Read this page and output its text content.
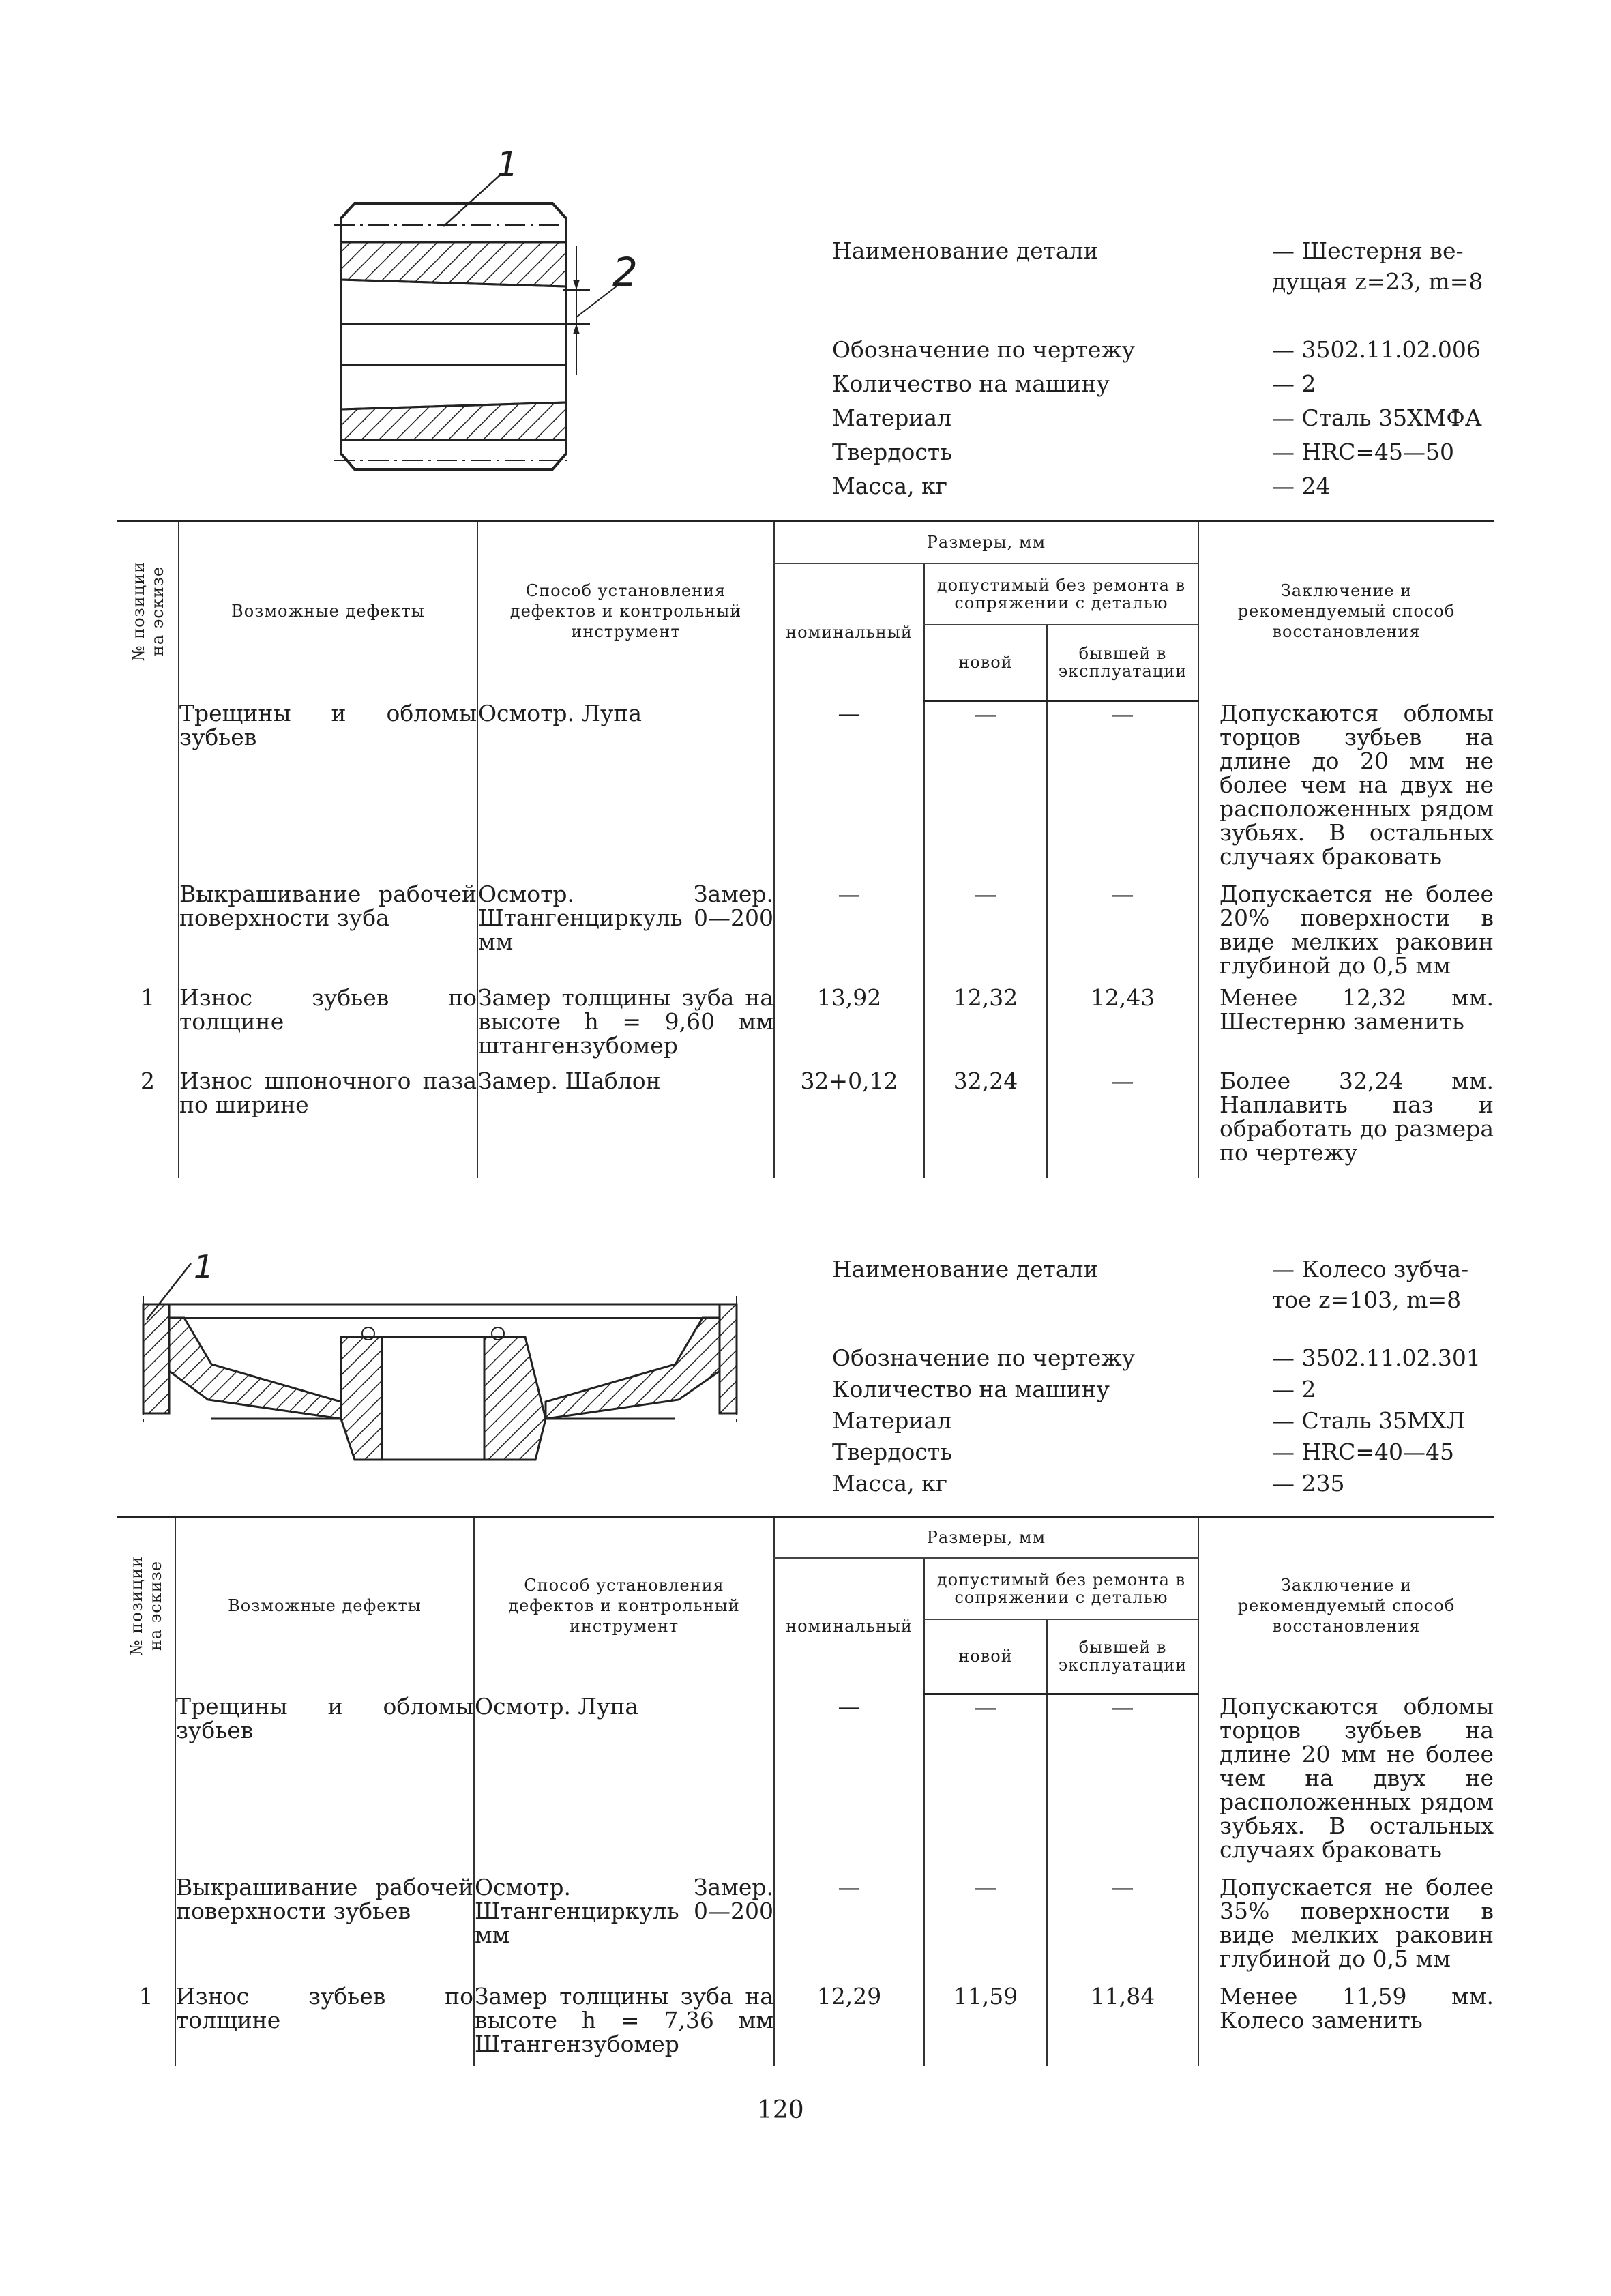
1
2	Наименование детали	— Шестерня ве-  дущая z=23, m=8
Обозначение по чертежу	— 3502.11.02.006
Количество на машину	— 2
Материал	— Сталь 35ХМФА
Твердость	— HRC=45—50
Масса, кг	— 24
№ позиции на эскизе	Возможные дефекты	Способ установления дефектов и контрольный инструмент	Размеры, мм			Заключение и рекомендуемый способ восстановления
			номинальный	допустимый без ремонта в сопряжении с деталью		
				новой	бывшей в эксплуатации	
	Трещины и обломы зубьев	Осмотр. Лупа	—	—	—	Допускаются обломы торцов зубьев на длине до 20 мм не более чем на двух не расположенных рядом зубьях. В остальных случаях браковать
	Выкрашивание рабочей поверхности зуба	Осмотр. Замер. Штангенциркуль 0—200 мм	—	—	—	Допускается не более 20% поверхности в виде мелких раковин глубиной до 0,5 мм
1	Износ зубьев по толщине	Замер толщины зуба на высоте h = 9,60 мм штангензубомер	13,92	12,32	12,43	Менее 12,32 мм. Шестерню заменить
2	Износ шпоночного паза по ширине	Замер. Шаблон	32+0,12	32,24	—	Более 32,24 мм. Наплавить паз и обработать до размера по чертежу
1	Наименование детали	— Колесо зубча-  тое z=103, m=8
Обозначение по чертежу	— 3502.11.02.301
Количество на машину	— 2
Материал	— Сталь 35МХЛ
Твердость	— HRC=40—45
Масса, кг	— 235
№ позиции на эскизе	Возможные дефекты	Способ установления дефектов и контрольный инструмент	Размеры, мм			Заключение и рекомендуемый способ восстановления
			номинальный	допустимый без ремонта в сопряжении с деталью		
				новой	бывшей в эксплуатации	
	Трещины и обломы зубьев	Осмотр. Лупа	—	—	—	Допускаются обломы торцов зубьев на длине 20 мм не более чем на двух не расположенных рядом зубьях. В остальных случаях браковать
	Выкрашивание рабочей поверхности зубьев	Осмотр. Замер. Штангенциркуль 0—200 мм	—	—	—	Допускается не более 35% поверхности в виде мелких раковин глубиной до 0,5 мм
1	Износ зубьев по толщине	Замер толщины зуба на высоте h = 7,36 мм Штангензубомер	12,29	11,59	11,84	Менее 11,59 мм. Колесо заменить
120
